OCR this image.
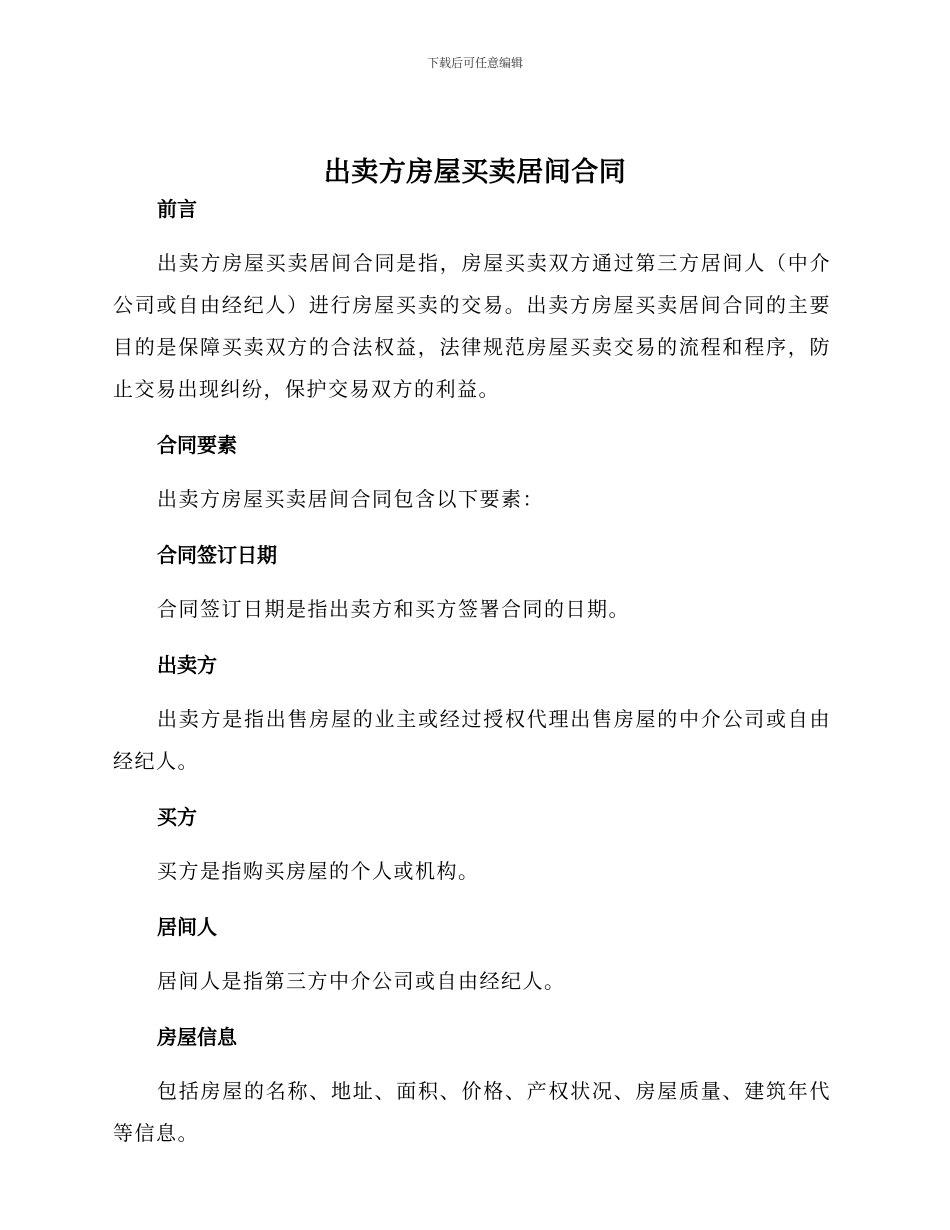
下载后可任意编辑
出卖方房屋买卖居间合同

前言

出卖方房屋买卖居间合同是指，房屋买卖双方通过第三方居间人（中介公司或自由经纪人）进行房屋买卖的交易。出卖方房屋买卖居间合同的主要目的是保障买卖双方的合法权益，法律规范房屋买卖交易的流程和程序，防止交易出现纠纷，保护交易双方的利益。

合同要素

出卖方房屋买卖居间合同包含以下要素：

合同签订日期

合同签订日期是指出卖方和买方签署合同的日期。

出卖方

出卖方是指出售房屋的业主或经过授权代理出售房屋的中介公司或自由经纪人。

买方

买方是指购买房屋的个人或机构。

居间人

居间人是指第三方中介公司或自由经纪人。

房屋信息

包括房屋的名称、地址、面积、价格、产权状况、房屋质量、建筑年代等信息。
